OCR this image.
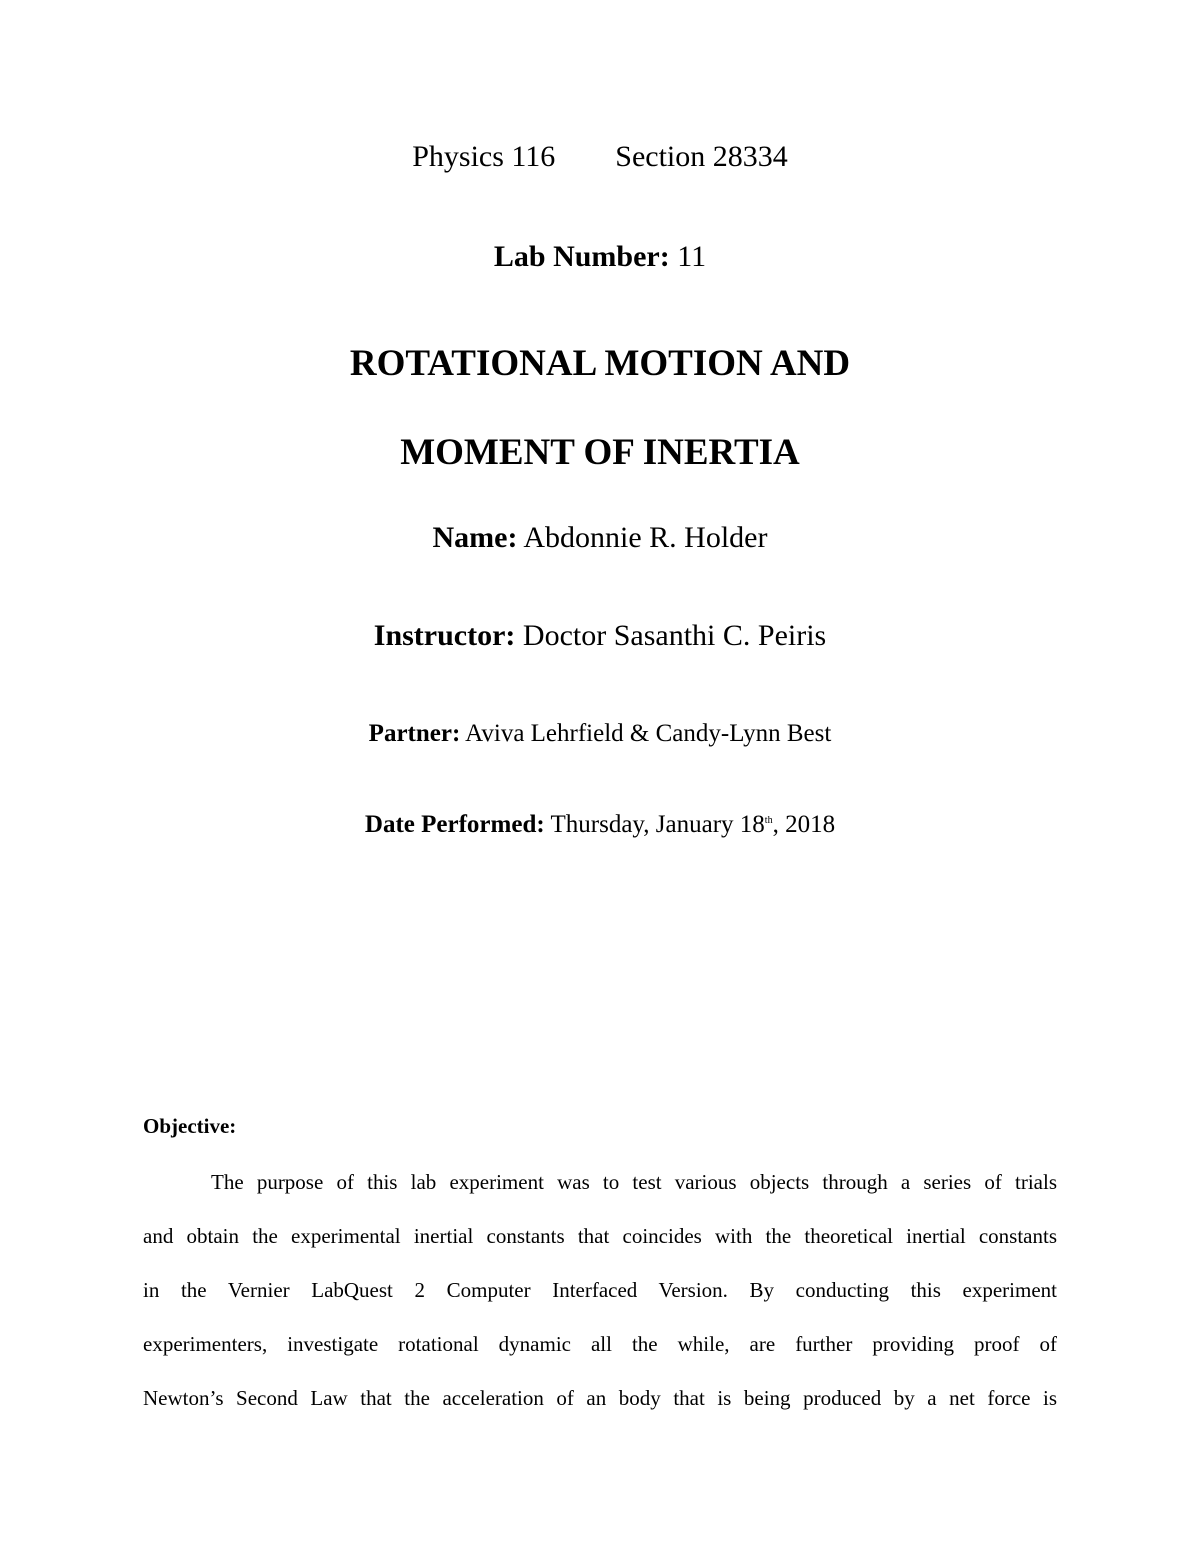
Physics 116 Section 28334
Lab Number: 11
ROTATIONAL MOTION AND
MOMENT OF INERTIA
Name: Abdonnie R. Holder
Instructor: Doctor Sasanthi C. Peiris
Partner: Aviva Lehrfield & Candy-Lynn Best
Date Performed: Thursday, January 18th, 2018
Objective:
The purpose of this lab experiment was to test various objects through a series of trials
and obtain the experimental inertial constants that coincides with the theoretical inertial constants
in the Vernier LabQuest 2 Computer Interfaced Version. By conducting this experiment
experimenters, investigate rotational dynamic all the while, are further providing proof of
Newton’s Second Law that the acceleration of an body that is being produced by a net force is
